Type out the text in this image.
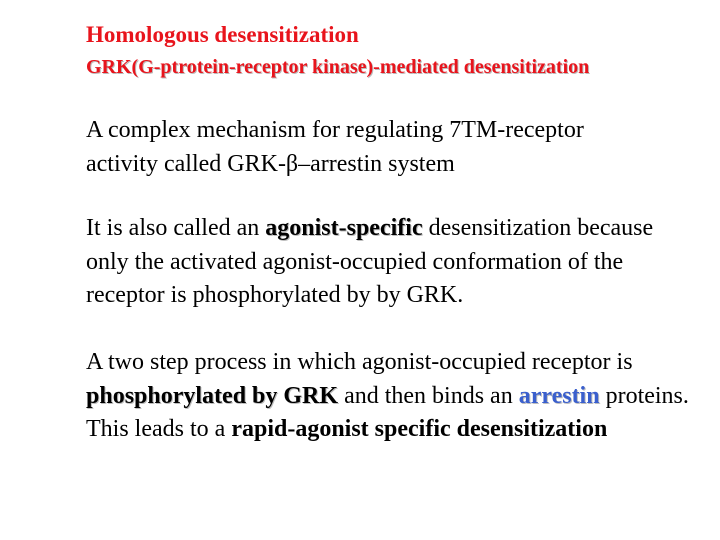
Homologous desensitization
GRK(G-ptrotein-receptor kinase)-mediated desensitization
A complex mechanism for regulating 7TM-receptor
activity called GRK-β–arrestin system
It is also called an agonist-specific desensitization because only the activated agonist-occupied conformation of the receptor is phosphorylated by by GRK.
A two step process in which agonist-occupied receptor is phosphorylated by GRK and then binds an arrestin proteins. This leads to a rapid-agonist specific desensitization
